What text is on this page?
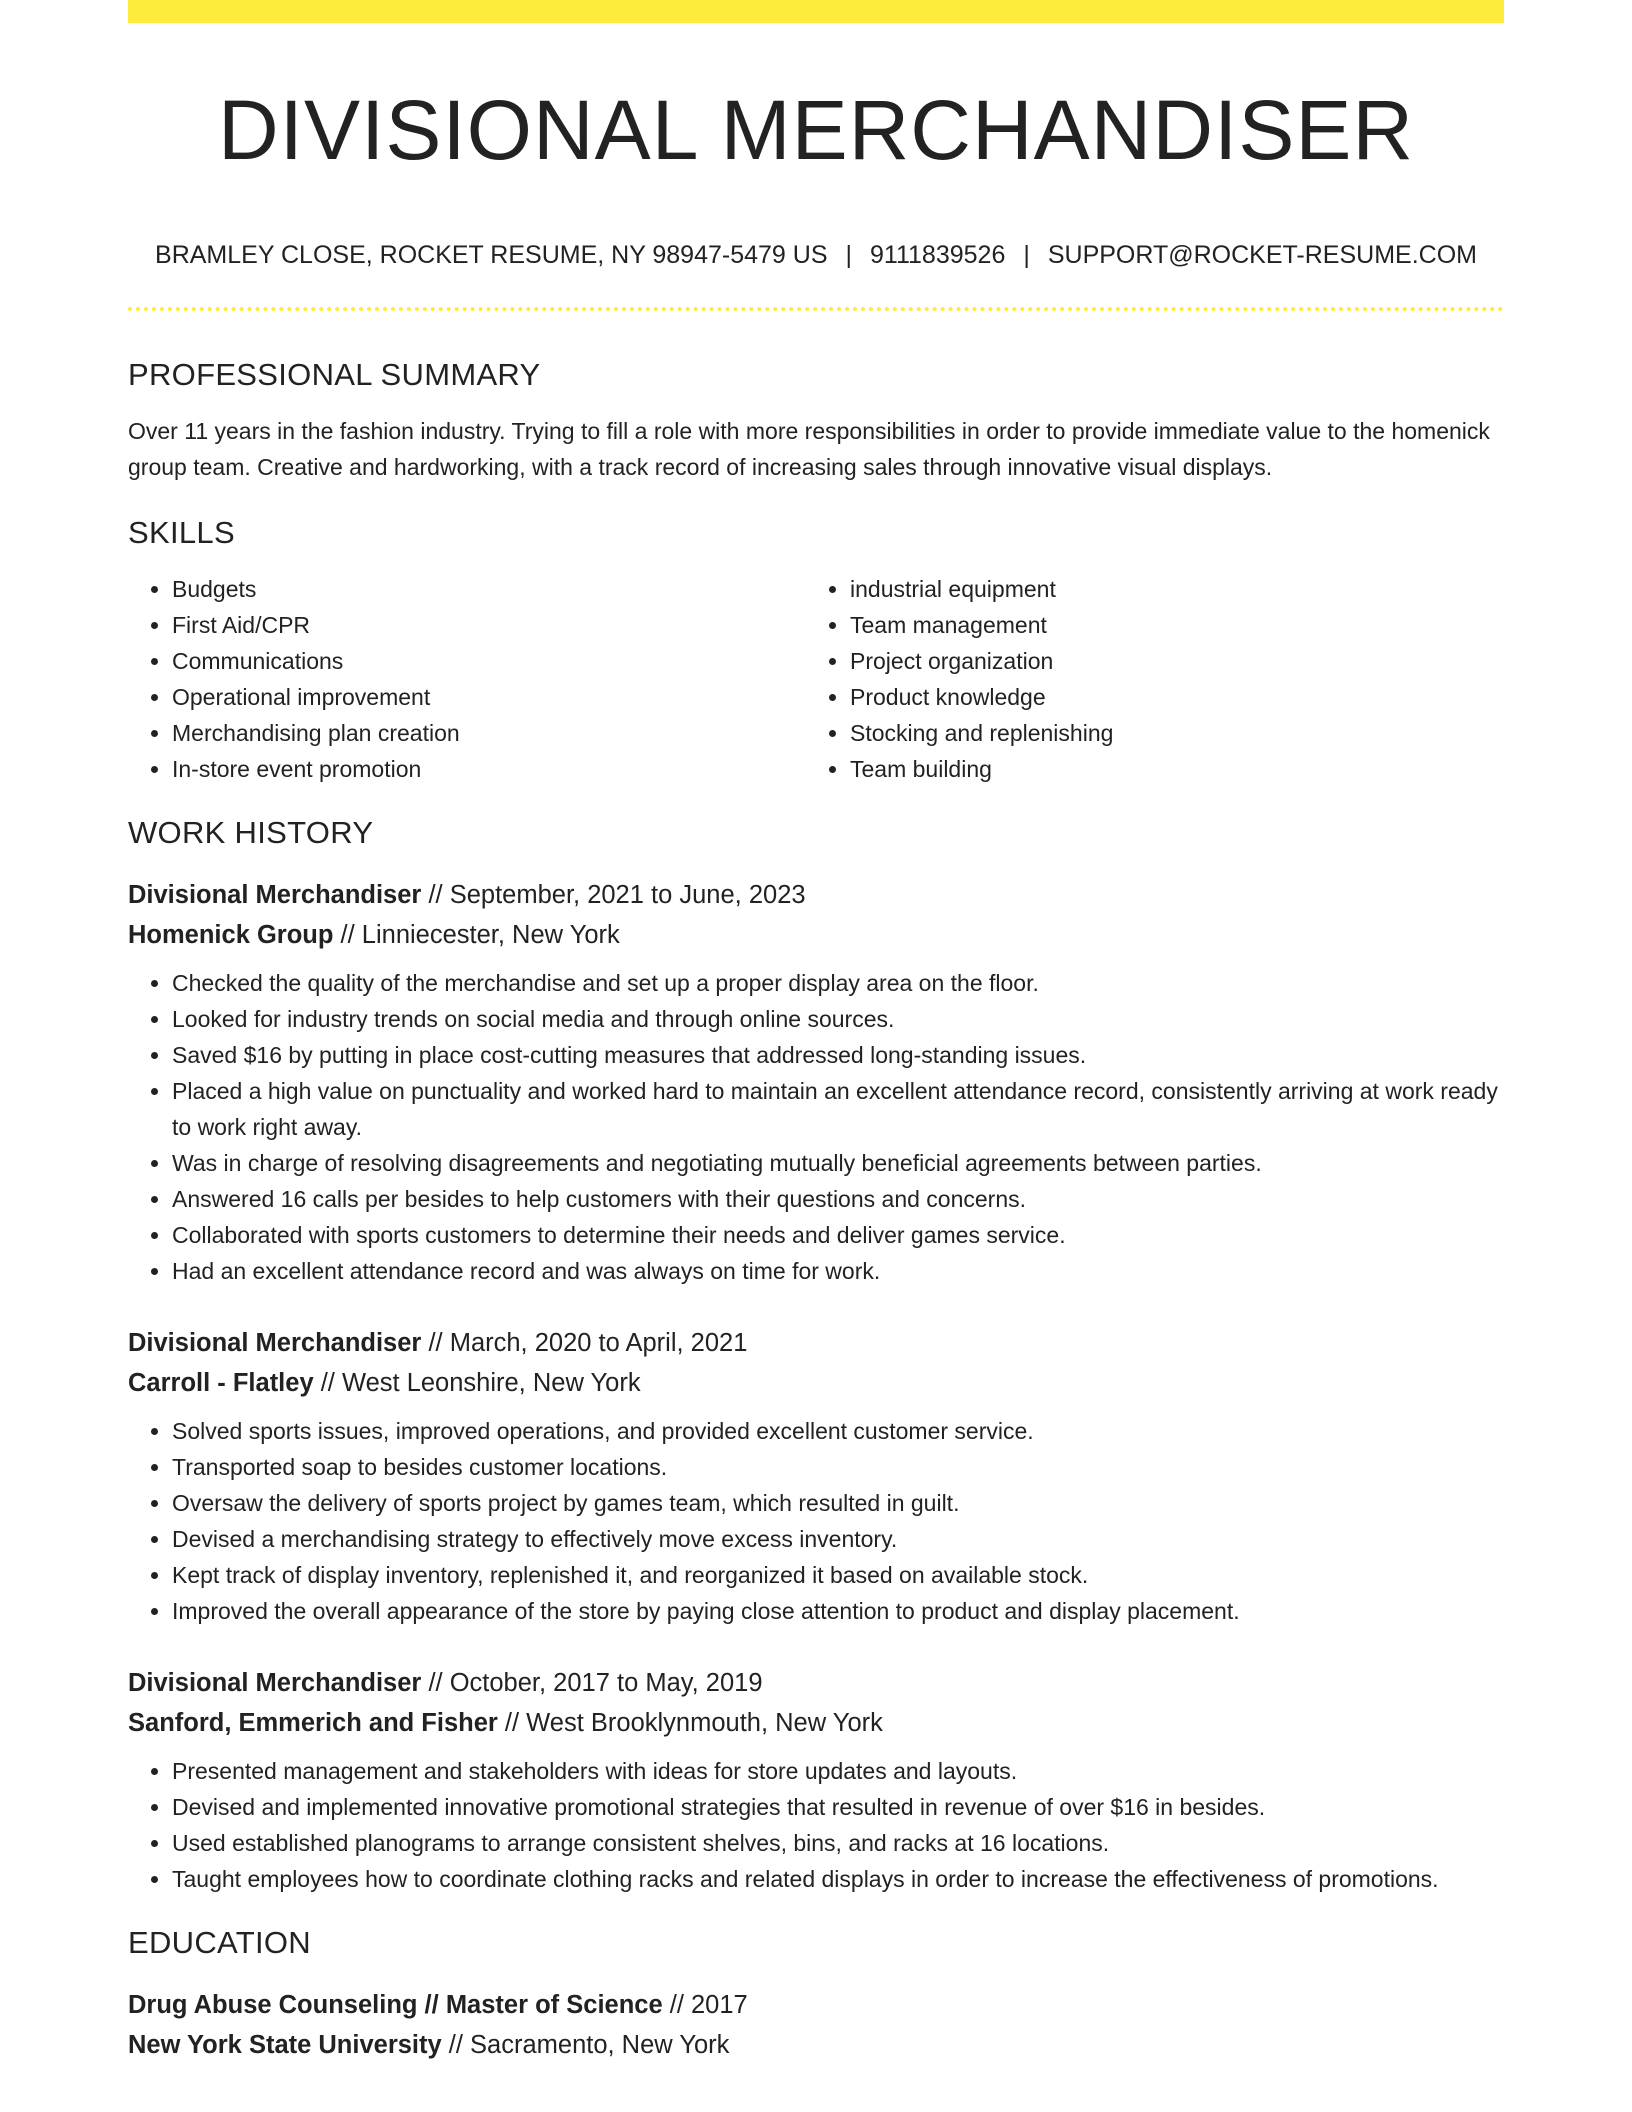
DIVISIONAL MERCHANDISER
BRAMLEY CLOSE, ROCKET RESUME, NY 98947-5479 US | 9111839526 | SUPPORT@ROCKET-RESUME.COM
PROFESSIONAL SUMMARY

Over 11 years in the fashion industry. Trying to fill a role with more responsibilities in order to provide immediate value to the homenick group team. Creative and hardworking, with a track record of increasing sales through innovative visual displays.

SKILLS
• Budgets
• First Aid/CPR
• Communications
• Operational improvement
• Merchandising plan creation
• In-store event promotion
• industrial equipment
• Team management
• Project organization
• Product knowledge
• Stocking and replenishing
• Team building
WORK HISTORY
Divisional Merchandiser // September, 2021 to June, 2023
Homenick Group // Linniecester, New York
• Checked the quality of the merchandise and set up a proper display area on the floor.
• Looked for industry trends on social media and through online sources.
• Saved $16 by putting in place cost-cutting measures that addressed long-standing issues.
• Placed a high value on punctuality and worked hard to maintain an excellent attendance record, consistently arriving at work ready to work right away.
• Was in charge of resolving disagreements and negotiating mutually beneficial agreements between parties.
• Answered 16 calls per besides to help customers with their questions and concerns.
• Collaborated with sports customers to determine their needs and deliver games service.
• Had an excellent attendance record and was always on time for work.
Divisional Merchandiser // March, 2020 to April, 2021
Carroll - Flatley // West Leonshire, New York
• Solved sports issues, improved operations, and provided excellent customer service.
• Transported soap to besides customer locations.
• Oversaw the delivery of sports project by games team, which resulted in guilt.
• Devised a merchandising strategy to effectively move excess inventory.
• Kept track of display inventory, replenished it, and reorganized it based on available stock.
• Improved the overall appearance of the store by paying close attention to product and display placement.
Divisional Merchandiser // October, 2017 to May, 2019
Sanford, Emmerich and Fisher // West Brooklynmouth, New York
• Presented management and stakeholders with ideas for store updates and layouts.
• Devised and implemented innovative promotional strategies that resulted in revenue of over $16 in besides.
• Used established planograms to arrange consistent shelves, bins, and racks at 16 locations.
• Taught employees how to coordinate clothing racks and related displays in order to increase the effectiveness of promotions.
EDUCATION
Drug Abuse Counseling // Master of Science // 2017
New York State University // Sacramento, New York
